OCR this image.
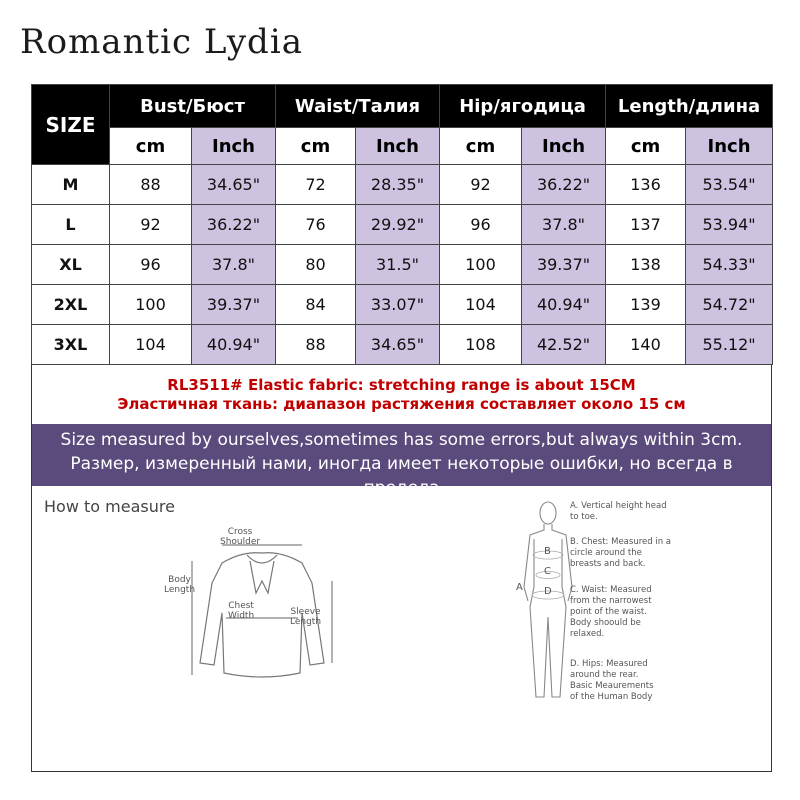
Romantic Lydia
SIZE	Bust/Бюст		Waist/Талия		Hip/ягодица		Length/длина	
	cm	Inch	cm	Inch	cm	Inch	cm	Inch
M	88	34.65"	72	28.35"	92	36.22"	136	53.54"
L	92	36.22"	76	29.92"	96	37.8"	137	53.94"
XL	96	37.8"	80	31.5"	100	39.37"	138	54.33"
2XL	100	39.37"	84	33.07"	104	40.94"	139	54.72"
3XL	104	40.94"	88	34.65"	108	42.52"	140	55.12"
RL3511# Elastic fabric: stretching range is about 15CM
Эластичная ткань: диапазон растяжения составляет около 15 см
Size measured by ourselves,sometimes has some errors,but always within 3cm.
Размер, измеренный нами, иногда имеет некоторые ошибки, но всегда в
How to measure
Cross
Shoulder
Body
Length
Chest
Width	Sleeve
Length
A
B
C
D
A. Vertical height head
to toe.
B. Chest: Measured in a
circle around the
breasts and back.
C. Waist: Measured
from the narrowest
point of the waist.
Body shoould be
relaxed.
D. Hips: Measured
around the rear.
Basic Meaurements
of the Human Body
